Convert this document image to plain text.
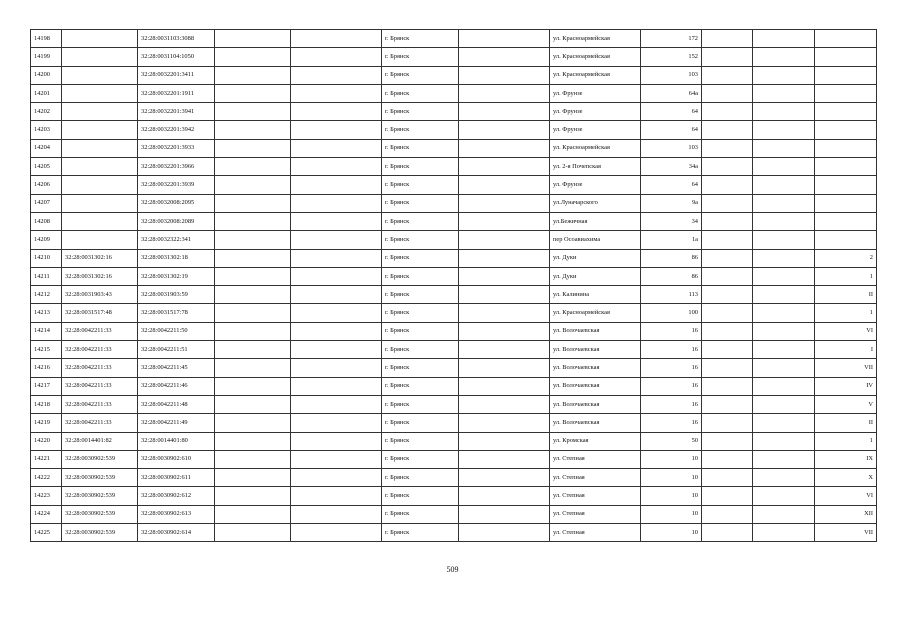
14198		32:28:0031103:3088			г. Брянск		ул. Красноармейская	172			
14199		32:28:0031104:1050			г. Брянск		ул. Красноармейская	152			
14200		32:28:0032201:3411			г. Брянск		ул. Красноармейская	103			
14201		32:28:0032201:1911			г. Брянск		ул. Фрунзе	64а			
14202		32:28:0032201:3941			г. Брянск		ул. Фрунзе	64			
14203		32:28:0032201:3942			г. Брянск		ул. Фрунзе	64			
14204		32:28:0032201:3933			г. Брянск		ул. Красноармейская	103			
14205		32:28:0032201:3966			г. Брянск		ул. 2-я Почепская	34а			
14206		32:28:0032201:3939			г. Брянск		ул. Фрунзе	64			
14207		32:28:0032008:2095			г. Брянск		ул.Луначарского	9а			
14208		32:28:0032008:2089			г. Брянск		ул.Бежичная	34			
14209		32:28:0032322:341			г. Брянск		пер Осоавиахима	1а			
14210	32:28:0031302:16	32:28:0031302:18			г. Брянск		ул. Дуки	86			2
14211	32:28:0031302:16	32:28:0031302:19			г. Брянск		ул. Дуки	86			1
14212	32:28:0031903:43	32:28:0031903:59			г. Брянск		ул. Калинина	113			II
14213	32:28:0031517:48	32:28:0031517:78			г. Брянск		ул. Красноармейская	100			1
14214	32:28:0042211:33	32:28:0042211:50			г. Брянск		ул. Волочаевская	16			VI
14215	32:28:0042211:33	32:28:0042211:51			г. Брянск		ул. Волочаевская	16			I
14216	32:28:0042211:33	32:28:0042211:45			г. Брянск		ул. Волочаевская	16			VII
14217	32:28:0042211:33	32:28:0042211:46			г. Брянск		ул. Волочаевская	16			IV
14218	32:28:0042211:33	32:28:0042211:48			г. Брянск		ул. Волочаевская	16			V
14219	32:28:0042211:33	32:28:0042211:49			г. Брянск		ул. Волочаевская	16			II
14220	32:28:0014401:82	32:28:0014401:80			г. Брянск		ул. Кромская	50			1
14221	32:28:0030902:539	32:28:0030902:610			г. Брянск		ул. Степная	10			IX
14222	32:28:0030902:539	32:28:0030902:611			г. Брянск		ул. Степная	10			X
14223	32:28:0030902:539	32:28:0030902:612			г. Брянск		ул. Степная	10			VI
14224	32:28:0030902:539	32:28:0030902:613			г. Брянск		ул. Степная	10			XII
14225	32:28:0030902:539	32:28:0030902:614			г. Брянск		ул. Степная	10			VII
509
